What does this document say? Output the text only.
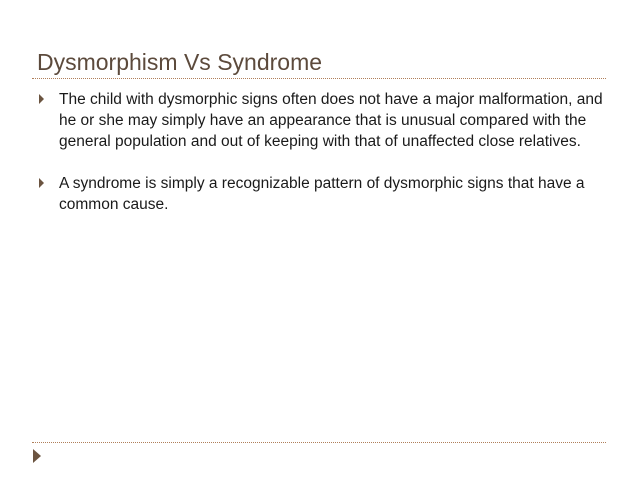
Dysmorphism Vs Syndrome
The child with dysmorphic signs often does not have a major malformation, and he or she may simply have an appearance that is unusual compared with the general population and out of keeping with that of unaffected close relatives.
A syndrome is simply a recognizable pattern of dysmorphic signs that have a common cause.
